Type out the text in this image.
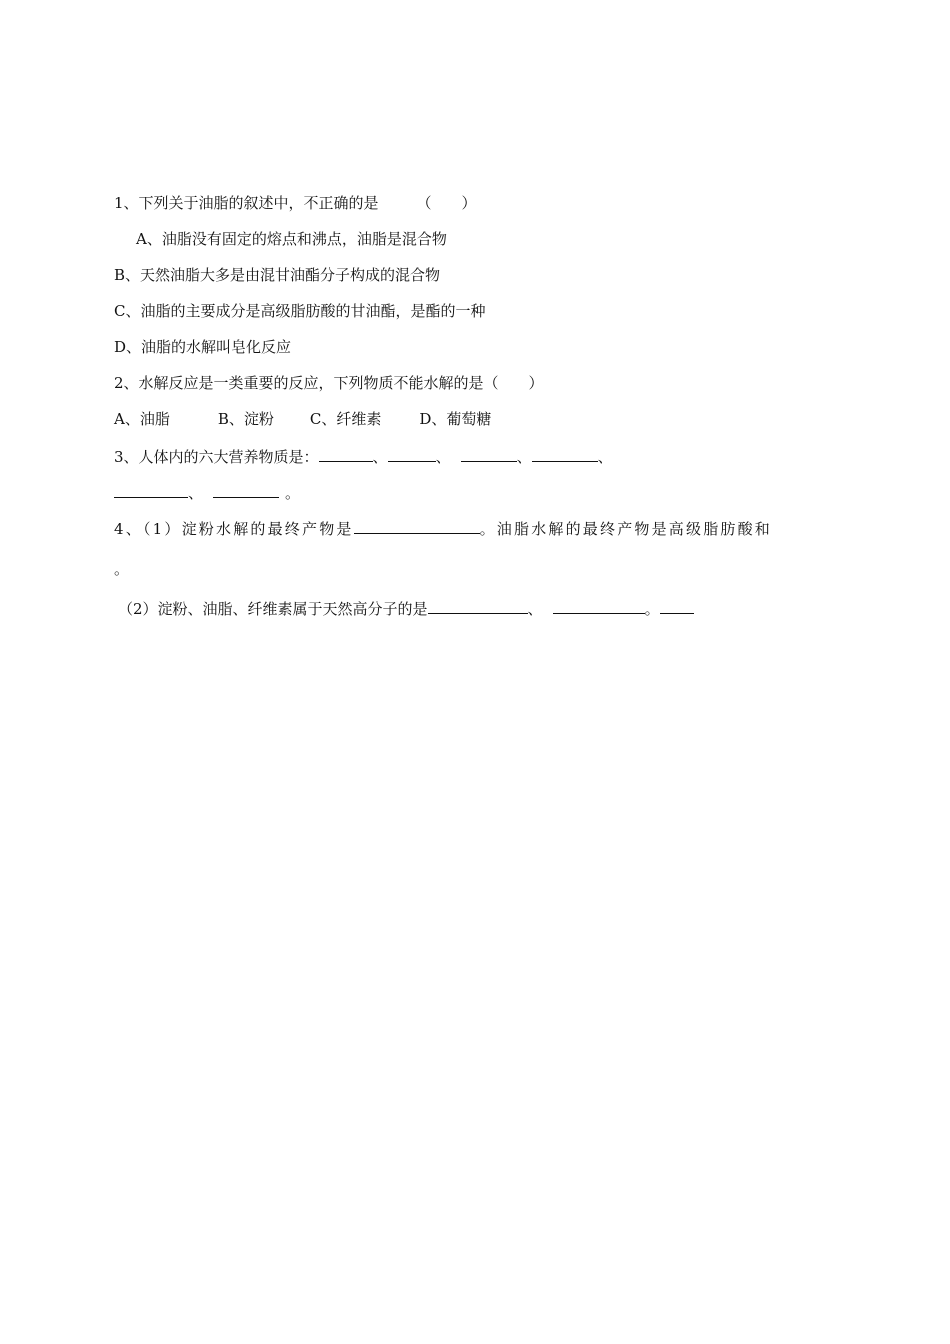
1、下列关于油脂的叙述中，不正确的是	（　　）
A、油脂没有固定的熔点和沸点，油脂是混合物
B、天然油脂大多是由混甘油酯分子构成的混合物
C、油脂的主要成分是高级脂肪酸的甘油酯，是酯的一种
D、油脂的水解叫皂化反应
2、水解反应是一类重要的反应，下列物质不能水解的是（　　）
A、油脂	B、淀粉 C、纤维素	D、葡萄糖
3、人体内的六大营养物质是：	、	、	、	、
、	。
4、（1）淀粉水解的最终产物是	。油脂水解的最终产物是高级脂肪酸和
。
（2）淀粉、油脂、纤维素属于天然高分子的是	、	。
